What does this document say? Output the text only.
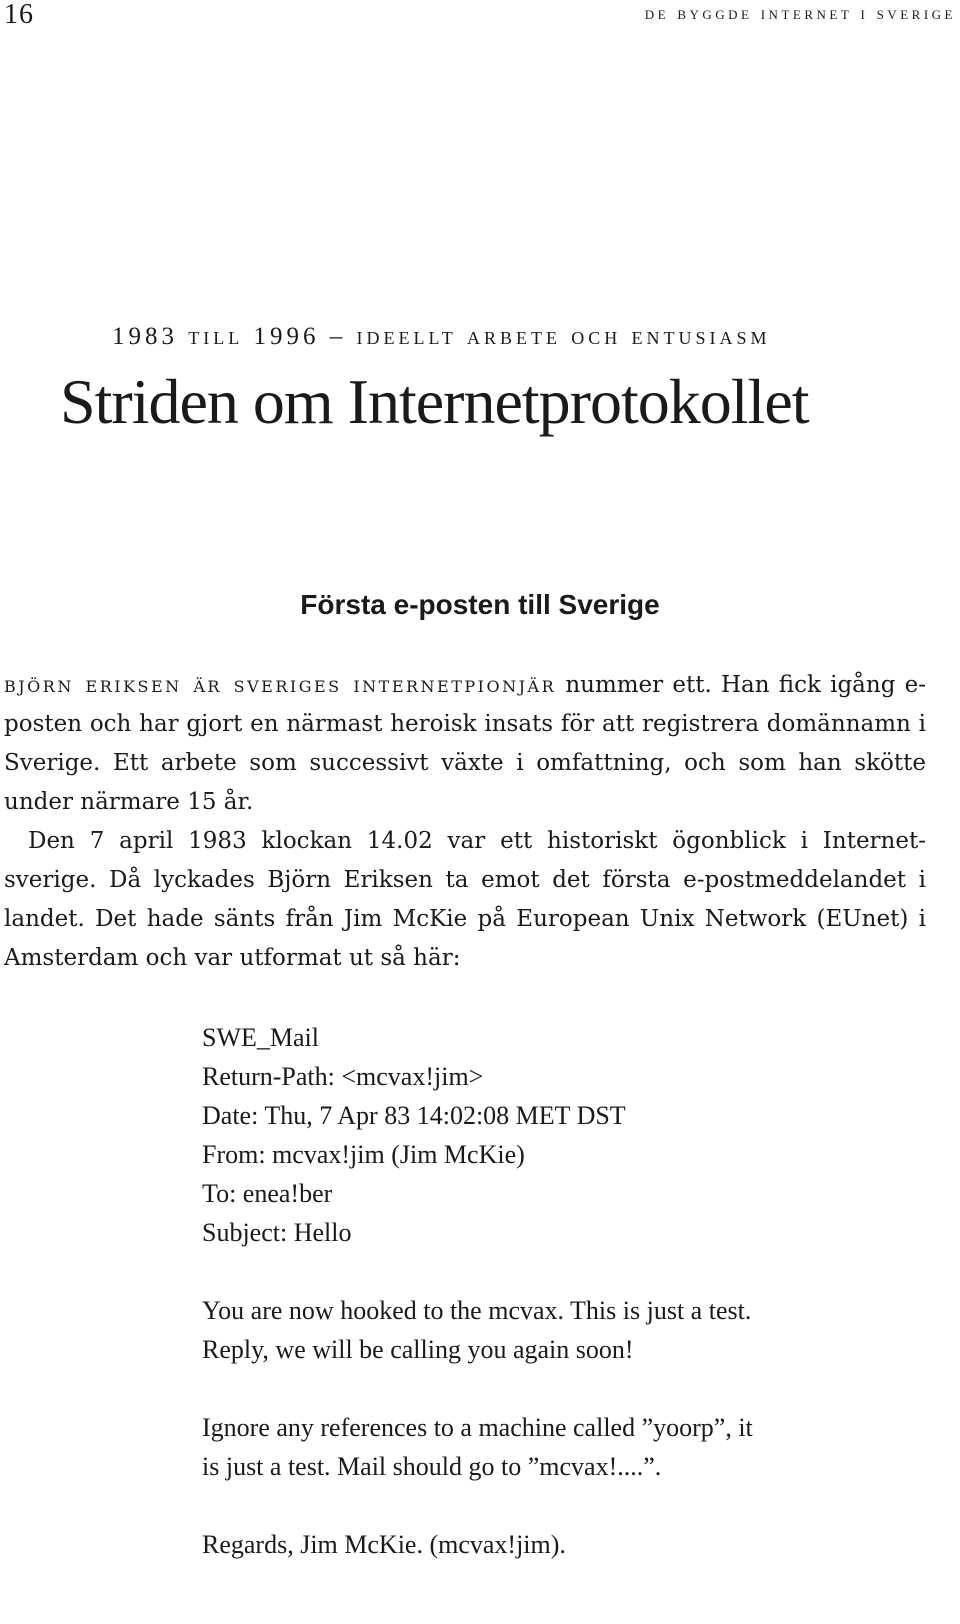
16	de byggde internet i sverige
1983 till 1996 – ideellt arbete och entusiasm
Striden om Internetprotokollet
Första e-posten till Sverige

björn eriksen är sveriges internetpionjär nummer ett. Han fick igång e-posten och har gjort en närmast heroisk insats för att registrera domännamn i Sverige. Ett arbete som successivt växte i omfattning, och som han skötte under närmare 15 år.

Den 7 april 1983 klockan 14.02 var ett historiskt ögonblick i Internetsverige. Då lyckades Björn Eriksen ta emot det första e-postmeddelandet i landet. Det hade sänts från Jim McKie på European Unix Network (EUnet) i Amsterdam och var utformat ut så här:

SWE_Mail
Return-Path: <mcvax!jim>
Date: Thu, 7 Apr 83 14:02:08 MET DST
From: mcvax!jim (Jim McKie)
To: enea!ber
Subject: Hello
You are now hooked to the mcvax. This is just a test.
Reply, we will be calling you again soon!
Ignore any references to a machine called ”yoorp”, it
is just a test. Mail should go to ”mcvax!....”.
Regards, Jim McKie. (mcvax!jim).
